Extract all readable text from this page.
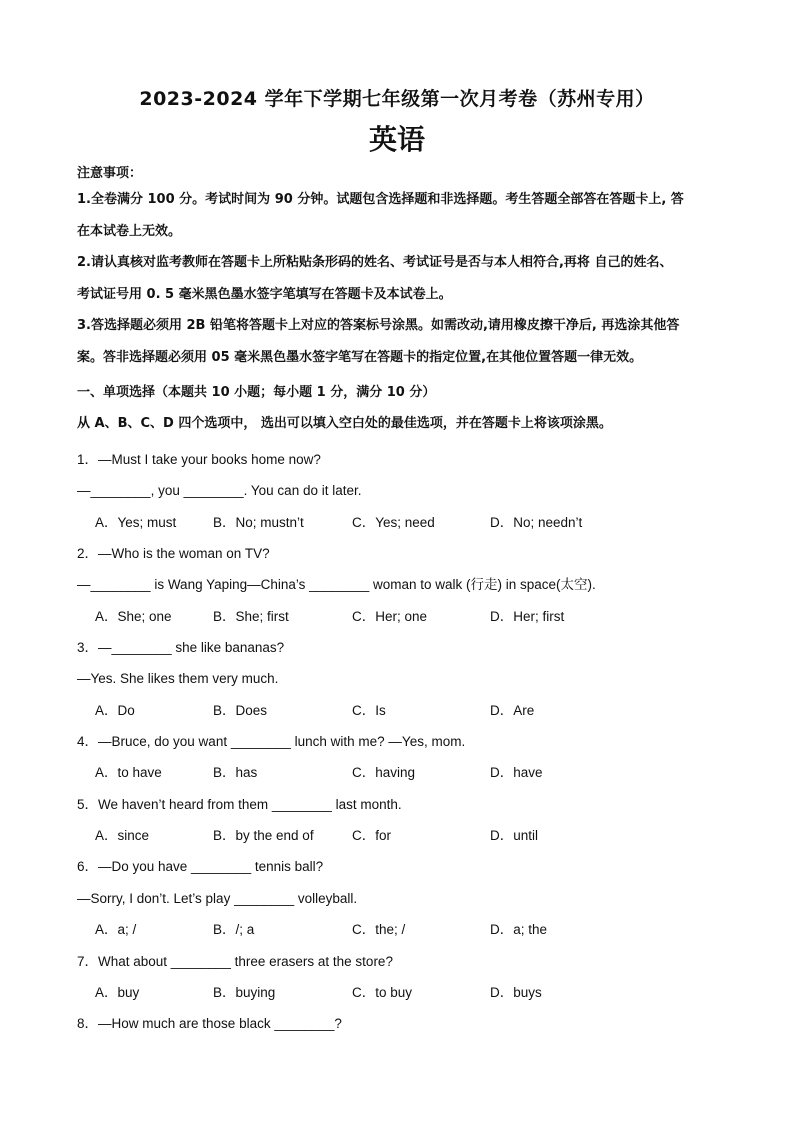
2023-2024 学年下学期七年级第一次月考卷（苏州专用）
英语
注意事项：
1.全卷满分 100 分。考试时间为 90 分钟。试题包含选择题和非选择题。考生答题全部答在答题卡上, 答
在本试卷上无效。
2.请认真核对监考教师在答题卡上所粘贴条形码的姓名、考试证号是否与本人相符合,再将 自己的姓名、
考试证号用 0. 5 毫米黑色墨水签字笔填写在答题卡及本试卷上。
3.答选择题必须用 2B 铅笔将答题卡上对应的答案标号涂黑。如需改动,请用橡皮擦干净后, 再选涂其他答
案。答非选择题必须用 05 毫米黑色墨水签字笔写在答题卡的指定位置,在其他位置答题一律无效。
一、单项选择（本题共 10 小题；每小题 1 分，满分 10 分）
从 A、B、C、D 四个选项中， 选出可以填入空白处的最佳选项，并在答题卡上将该项涂黑。
1．—Must I take your books home now?
—________, you ________. You can do it later.
A．Yes; must	B．No; mustn’t	C．Yes; need	D．No; needn’t
2．—Who is the woman on TV?
—________ is Wang Yaping—China’s ________ woman to walk (行走) in space(太空).
A．She; one	B．She; first	C．Her; one	D．Her; first
3．—________ she like bananas?
—Yes. She likes them very much.
A．Do	B．Does	C．Is	D．Are
4．—Bruce, do you want ________ lunch with me? —Yes, mom.
A．to have	B．has	C．having	D．have
5．We haven’t heard from them ________ last month.
A．since	B．by the end of	C．for	D．until
6．—Do you have ________ tennis ball?
—Sorry, I don’t. Let’s play ________ volleyball.
A．a; /	B．/; a	C．the; /	D．a; the
7．What about ________ three erasers at the store?
A．buy	B．buying	C．to buy	D．buys
8．—How much are those black ________?
